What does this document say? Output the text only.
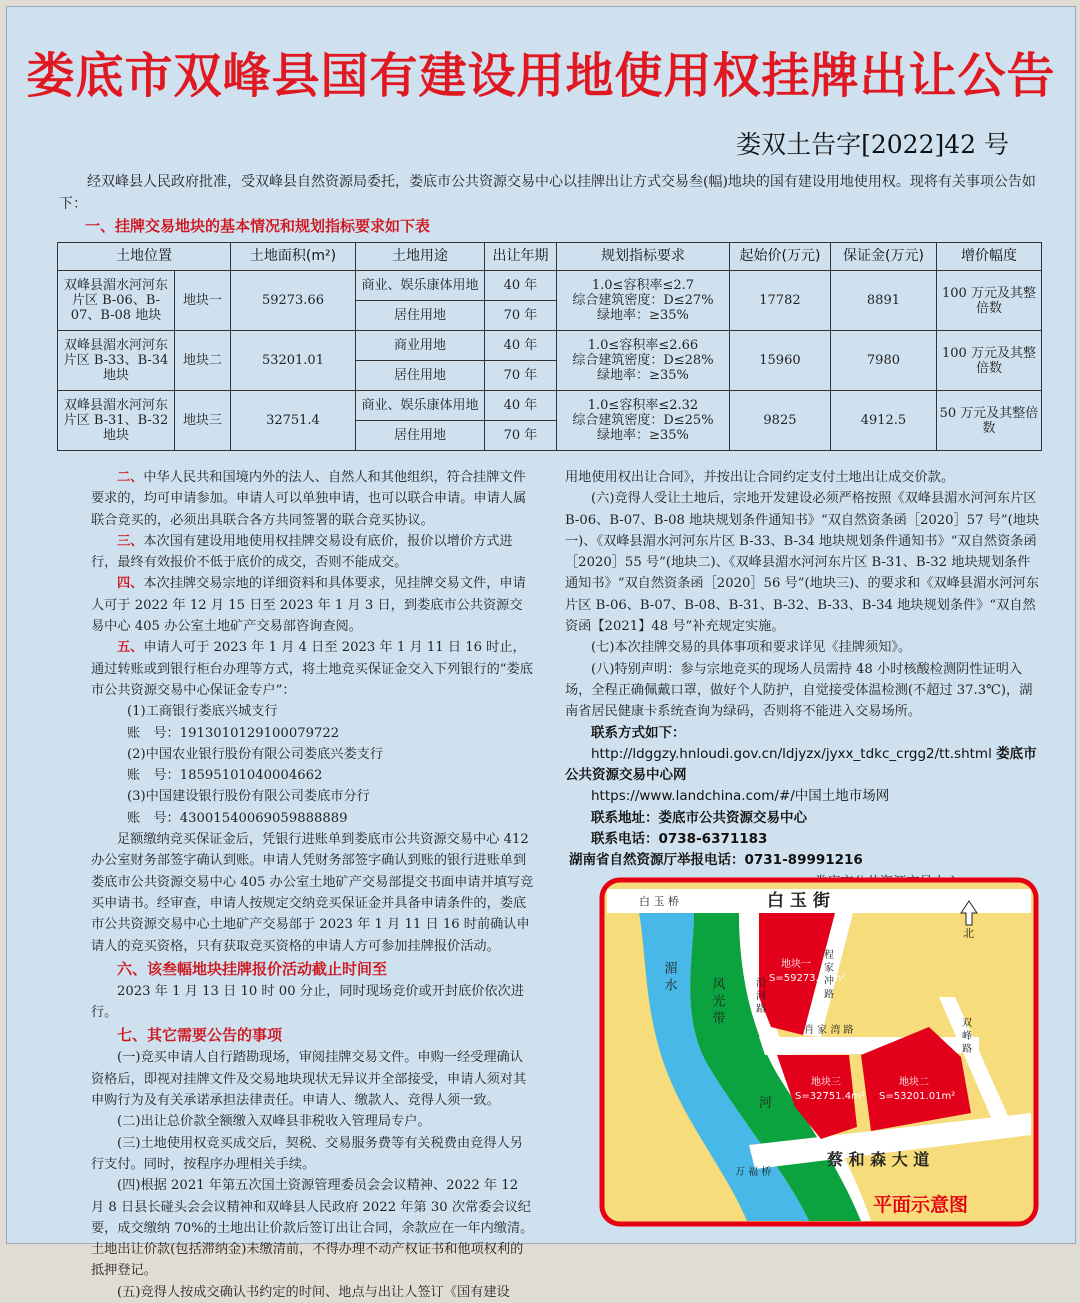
娄底市双峰县国有建设用地使用权挂牌出让公告
娄双土告字[2022]42 号
经双峰县人民政府批准，受双峰县自然资源局委托，娄底市公共资源交易中心以挂牌出让方式交易叁(幅)地块的国有建设用地使用权。现将有关事项公告如下：
一、挂牌交易地块的基本情况和规划指标要求如下表
土地位置		土地面积(m²)	土地用途	出让年期	规划指标要求	起始价(万元)	保证金(万元)	增价幅度
双峰县湄水河河东片区 B-06、B-07、B-08 地块	地块一	59273.66	商业、娱乐康体用地	40 年	1.0≤容积率≤2.7
综合建筑密度：D≤27%
绿地率：≥35%	17782	8891	100 万元及其整倍数
			居住用地	70 年				
双峰县湄水河河东片区 B-33、B-34 地块	地块二	53201.01	商业用地	40 年	1.0≤容积率≤2.66
综合建筑密度：D≤28%
绿地率：≥35%	15960	7980	100 万元及其整倍数
			居住用地	70 年				
双峰县湄水河河东片区 B-31、B-32 地块	地块三	32751.4	商业、娱乐康体用地	40 年	1.0≤容积率≤2.32
综合建筑密度：D≤25%
绿地率：≥35%	9825	4912.5	50 万元及其整倍数
			居住用地	70 年				

二、中华人民共和国境内外的法人、自然人和其他组织，符合挂牌文件要求的，均可申请参加。申请人可以单独申请，也可以联合申请。申请人属联合竞买的，必须出具联合各方共同签署的联合竞买协议。

三、本次国有建设用地使用权挂牌交易设有底价，报价以增价方式进行，最终有效报价不低于底价的成交，否则不能成交。

四、本次挂牌交易宗地的详细资料和具体要求，见挂牌交易文件，申请人可于 2022 年 12 月 15 日至 2023 年 1 月 3 日，到娄底市公共资源交易中心 405 办公室土地矿产交易部咨询查阅。

五、申请人可于 2023 年 1 月 4 日至 2023 年 1 月 11 日 16 时止，通过转账或到银行柜台办理等方式，将土地竞买保证金交入下列银行的“娄底市公共资源交易中心保证金专户”：

(1)工商银行娄底兴城支行

账　号：1913010129100079722

(2)中国农业银行股份有限公司娄底兴娄支行

账　号：18595101040004662

(3)中国建设银行股份有限公司娄底市分行

账　号：43001540069059888889

足额缴纳竞买保证金后，凭银行进账单到娄底市公共资源交易中心 412 办公室财务部签字确认到账。申请人凭财务部签字确认到账的银行进账单到娄底市公共资源交易中心 405 办公室土地矿产交易部提交书面申请并填写竞买申请书。经审查，申请人按规定交纳竞买保证金并具备申请条件的，娄底市公共资源交易中心土地矿产交易部于 2023 年 1 月 11 日 16 时前确认申请人的竞买资格，只有获取竞买资格的申请人方可参加挂牌报价活动。

六、该叁幅地块挂牌报价活动截止时间至

2023 年 1 月 13 日 10 时 00 分止，同时现场竞价或开封底价依次进行。

七、其它需要公告的事项

(一)竞买申请人自行踏勘现场，审阅挂牌交易文件。申购一经受理确认资格后，即视对挂牌文件及交易地块现状无异议并全部接受，申请人须对其申购行为及有关承诺承担法律责任。申请人、缴款人、竞得人须一致。

(二)出让总价款全额缴入双峰县非税收入管理局专户。

(三)土地使用权竞买成交后，契税、交易服务费等有关税费由竞得人另行支付。同时，按程序办理相关手续。

(四)根据 2021 年第五次国土资源管理委员会会议精神、2022 年 12 月 8 日县长碰头会会议精神和双峰县人民政府 2022 年第 30 次常委会议纪要，成交缴纳 70%的土地出让价款后签订出让合同，余款应在一年内缴清。土地出让价款(包括滞纳金)未缴清前，不得办理不动产权证书和他项权利的抵押登记。

(五)竞得人按成交确认书约定的时间、地点与出让人签订《国有建设

用地使用权出让合同》，并按出让合同约定支付土地出让成交价款。

(六)竞得人受让土地后，宗地开发建设必须严格按照《双峰县湄水河河东片区 B-06、B-07、B-08 地块规划条件通知书》“双自然资条函［2020］57 号”(地块一)、《双峰县湄水河河东片区 B-33、B-34 地块规划条件通知书》“双自然资条函［2020］55 号”(地块二)、《双峰县湄水河河东片区 B-31、B-32 地块规划条件通知书》“双自然资条函［2020］56 号”(地块三)、的要求和《双峰县湄水河河东片区 B-06、B-07、B-08、B-31、B-32、B-33、B-34 地块规划条件》“双自然资函【2021】48 号”补充规定实施。

(七)本次挂牌交易的具体事项和要求详见《挂牌须知》。

(八)特别声明：参与宗地竞买的现场人员需持 48 小时核酸检测阴性证明入场，全程正确佩戴口罩，做好个人防护，自觉接受体温检测(不超过 37.3℃)，湖南省居民健康卡系统查询为绿码，否则将不能进入交易场所。

联系方式如下：

http://ldggzy.hnloudi.gov.cn/ldjyzx/jyxx_tdkc_crgg2/tt.shtml 娄底市公共资源交易中心网

https://www.landchina.com/#/中国土地市场网

联系地址：娄底市公共资源交易中心

联系电话：0738-6371183

湖南省自然资源厅举报电话：0731-89991216

白 玉 桥	白 玉 街
地块一
S=59273.66m²
地块三
S=32751.4m²
地块二
S=53201.01m²
程 家 冲 路
肖 家 湾 路	双 峰 路
沿 河 路
蔡 和 森 大 道
万 福 桥
湄 水
风 光 带
河
北
平面示意图
